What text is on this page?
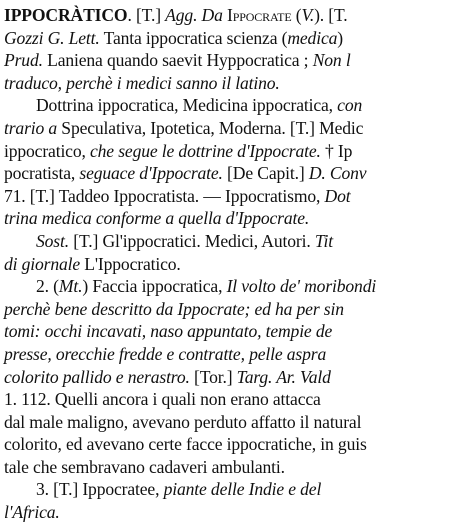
IPPOCRÀTICO. [T.] Agg. Da Ippocrate (V.). [T.
Gozzi G. Lett. Tanta ippocratica scienza (medica)
Prud. Laniena quando saevit Hyppocratica ; Non l
traduco, perchè i medici sanno il latino.
Dottrina ippocratica, Medicina ippocratica, con
trario a Speculativa, Ipotetica, Moderna. [T.] Medic
ippocratico, che segue le dottrine d'Ippocrate. † Ip
pocratista, seguace d'Ippocrate. [De Capit.] D. Conv
71. [T.] Taddeo Ippocratista. — Ippocratismo, Dot
trina medica conforme a quella d'Ippocrate.
Sost. [T.] Gl'ippocratici. Medici, Autori. Tit
di giornale L'Ippocratico.
2. (Mt.) Faccia ippocratica, Il volto de' moribondi
perchè bene descritto da Ippocrate; ed ha per sin
tomi: occhi incavati, naso appuntato, tempie de
presse, orecchie fredde e contratte, pelle aspra
colorito pallido e nerastro. [Tor.] Targ. Ar. Vald
1. 112. Quelli ancora i quali non erano attacca
dal male maligno, avevano perduto affatto il natural
colorito, ed avevano certe facce ippocratiche, in guis
tale che sembravano cadaveri ambulanti.
3. [T.] Ippocratee, piante delle Indie e del
l'Africa.
